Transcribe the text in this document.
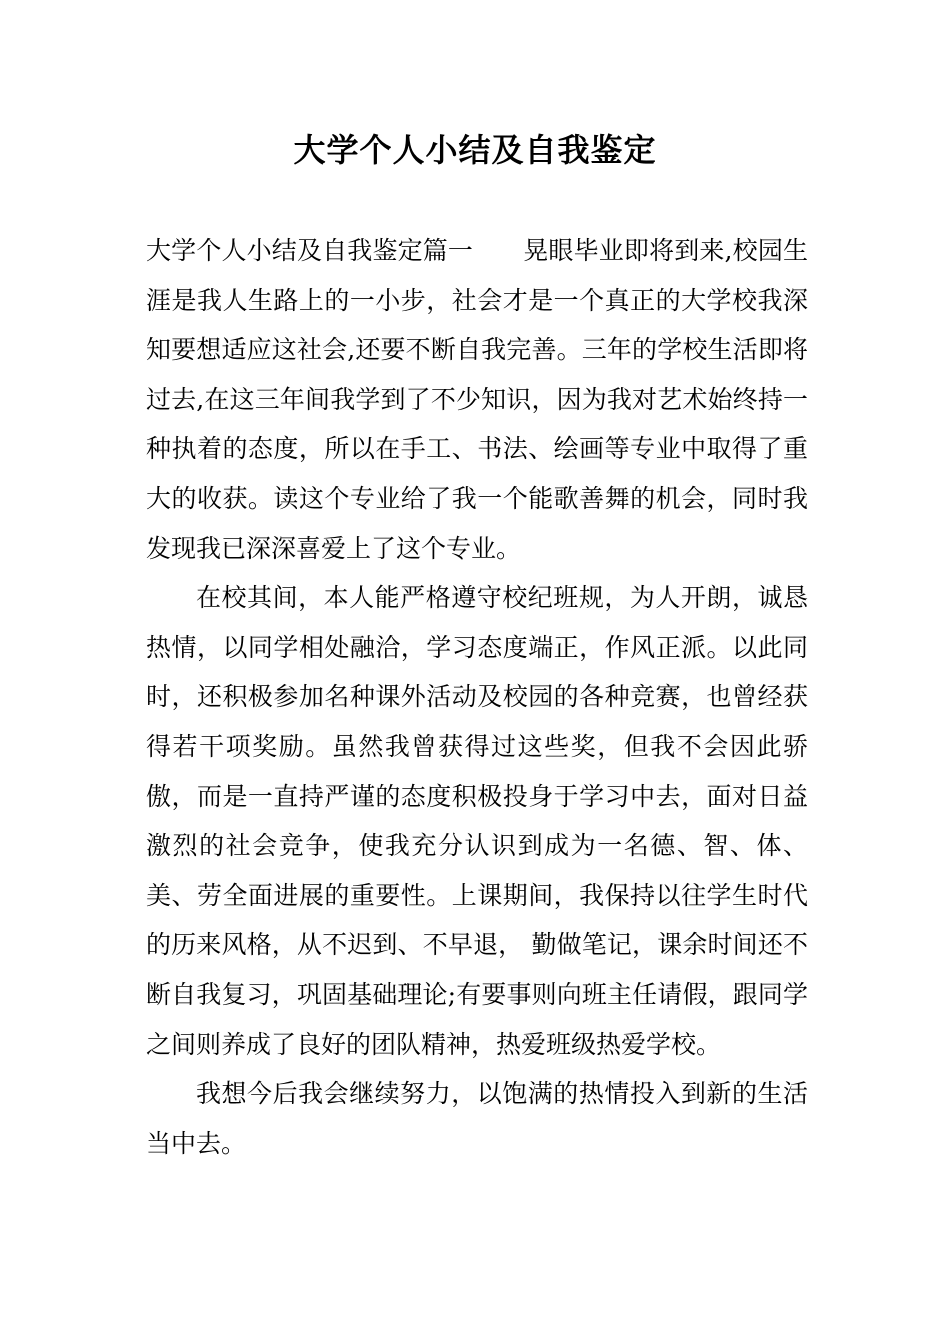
大学个人小结及自我鉴定

大学个人小结及自我鉴定篇一 晃眼毕业即将到来,校园生涯是我人生路上的一小步，社会才是一个真正的大学校我深知要想适应这社会,还要不断自我完善。三年的学校生活即将过去,在这三年间我学到了不少知识，因为我对艺术始终持一种执着的态度，所以在手工、书法、绘画等专业中取得了重大的收获。读这个专业给了我一个能歌善舞的机会，同时我发现我已深深喜爱上了这个专业。

在校其间，本人能严格遵守校纪班规，为人开朗，诚恳热情，以同学相处融洽，学习态度端正，作风正派。以此同时，还积极参加名种课外活动及校园的各种竞赛，也曾经获得若干项奖励。虽然我曾获得过这些奖，但我不会因此骄傲，而是一直持严谨的态度积极投身于学习中去，面对日益激烈的社会竞争，使我充分认识到成为一名德、智、体、美、劳全面进展的重要性。上课期间，我保持以往学生时代的历来风格，从不迟到、不早退， 勤做笔记，课余时间还不断自我复习，巩固基础理论;有要事则向班主任请假，跟同学之间则养成了良好的团队精神，热爱班级热爱学校。

我想今后我会继续努力，以饱满的热情投入到新的生活当中去。
